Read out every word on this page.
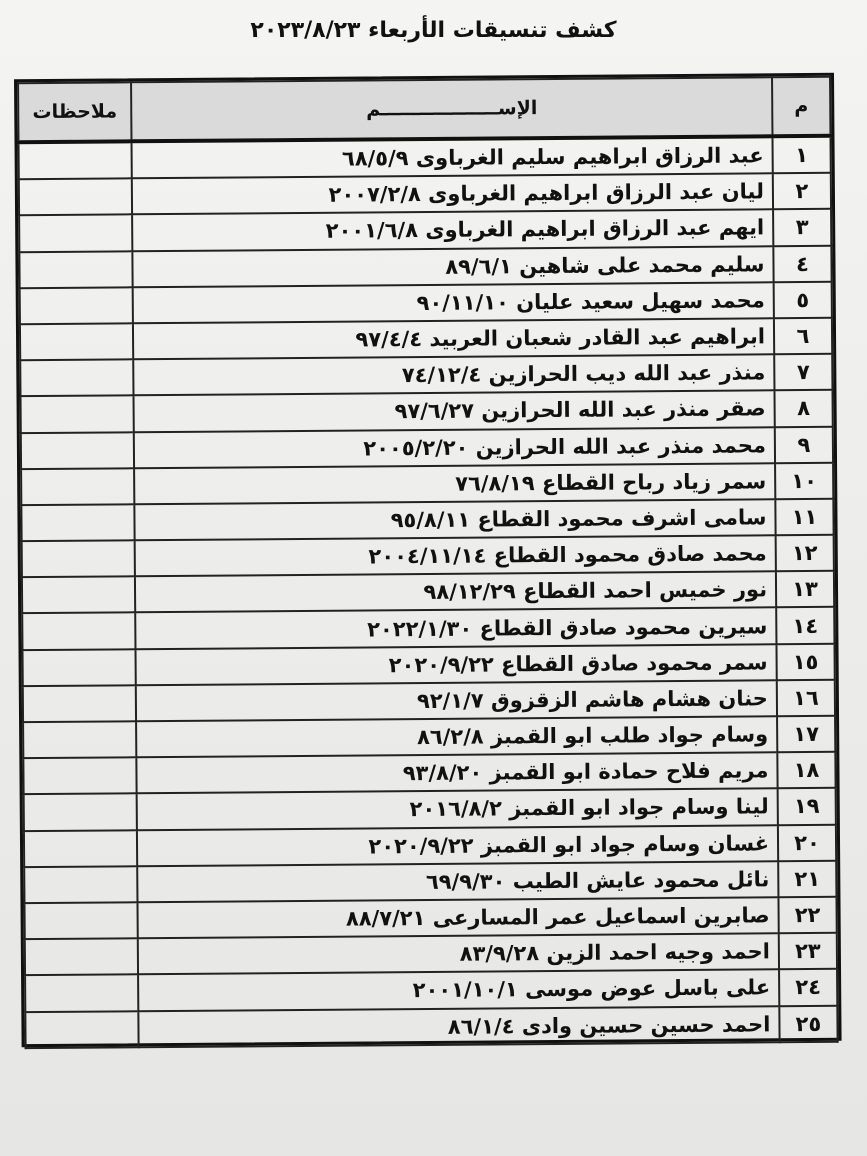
كشف تنسيقات الأربعاء ٢٠٢٣/٨/٢٣
م	الإســــــــــــــــــم	ملاحظات
١	عبد الرزاق ابراهيم سليم الغرباوى ٦٨/٥/٩	
٢	ليان عبد الرزاق ابراهيم الغرباوى ٢٠٠٧/٢/٨	
٣	ايهم عبد الرزاق ابراهيم الغرباوى ٢٠٠١/٦/٨	
٤	سليم محمد على شاهين ٨٩/٦/١	
٥	محمد سهيل سعيد عليان ٩٠/١١/١٠	
٦	ابراهيم عبد القادر شعبان العربيد ٩٧/٤/٤	
٧	منذر عبد الله ديب الحرازين ٧٤/١٢/٤	
٨	صقر منذر عبد الله الحرازين ٩٧/٦/٢٧	
٩	محمد منذر عبد الله الحرازين ٢٠٠٥/٢/٢٠	
١٠	سمر زياد رباح القطاع ٧٦/٨/١٩	
١١	سامى اشرف محمود القطاع ٩٥/٨/١١	
١٢	محمد صادق محمود القطاع ٢٠٠٤/١١/١٤	
١٣	نور خميس احمد القطاع ٩٨/١٢/٢٩	
١٤	سيرين محمود صادق القطاع ٢٠٢٢/١/٣٠	
١٥	سمر محمود صادق القطاع ٢٠٢٠/٩/٢٢	
١٦	حنان هشام هاشم الزقزوق ٩٢/١/٧	
١٧	وسام جواد طلب ابو القمبز ٨٦/٢/٨	
١٨	مريم فلاح حمادة ابو القمبز ٩٣/٨/٢٠	
١٩	لينا وسام جواد ابو القمبز ٢٠١٦/٨/٢	
٢٠	غسان وسام جواد ابو القمبز ٢٠٢٠/٩/٢٢	
٢١	نائل محمود عايش الطيب ٦٩/٩/٣٠	
٢٢	صابرين اسماعيل عمر المسارعى ٨٨/٧/٢١	
٢٣	احمد وجيه احمد الزين ٨٣/٩/٢٨	
٢٤	على باسل عوض موسى ٢٠٠١/١٠/١	
٢٥	احمد حسين حسين وادى ٨٦/١/٤	
